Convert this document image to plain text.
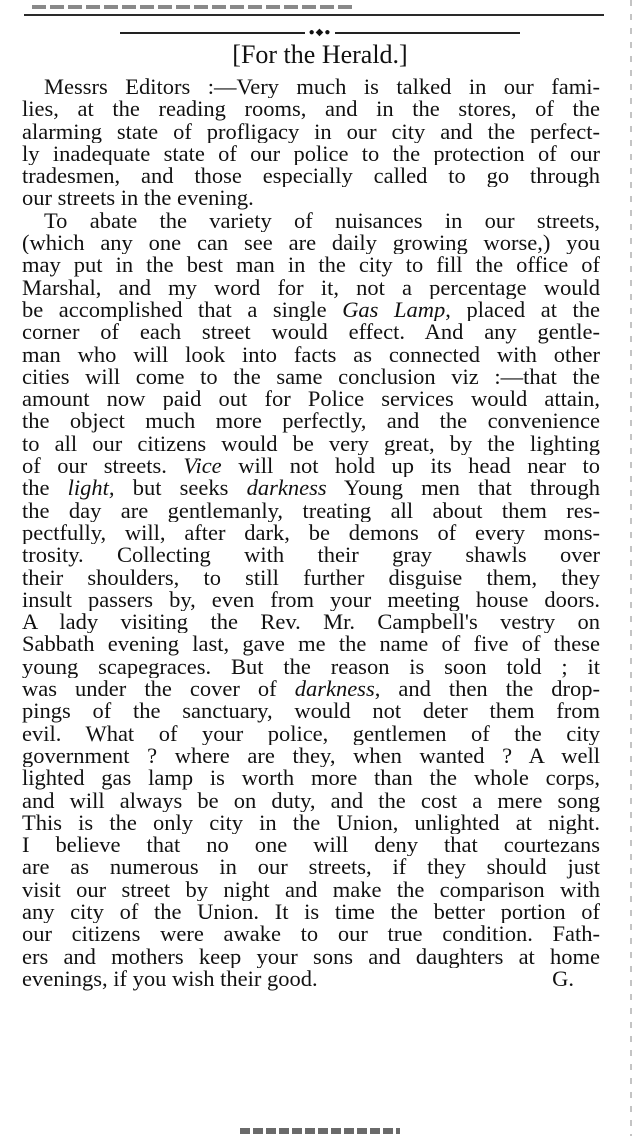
●◆●
[For the Herald.]
Messrs Editors :—Very much is talked in our fami-
lies, at the reading rooms, and in the stores, of the
alarming state of profligacy in our city and the perfect-
ly inadequate state of our police to the protection of our
tradesmen, and those especially called to go through
our streets in the evening.
To abate the variety of nuisances in our streets,
(which any one can see are daily growing worse,) you
may put in the best man in the city to fill the office of
Marshal, and my word for it, not a percentage would
be accomplished that a single Gas Lamp, placed at the
corner of each street would effect. And any gentle-
man who will look into facts as connected with other
cities will come to the same conclusion viz :—that the
amount now paid out for Police services would attain,
the object much more perfectly, and the convenience
to all our citizens would be very great, by the lighting
of our streets. Vice will not hold up its head near to
the light, but seeks darkness Young men that through
the day are gentlemanly, treating all about them res-
pectfully, will, after dark, be demons of every mons-
trosity. Collecting with their gray shawls over
their shoulders, to still further disguise them, they
insult passers by, even from your meeting house doors.
A lady visiting the Rev. Mr. Campbell's vestry on
Sabbath evening last, gave me the name of five of these
young scapegraces. But the reason is soon told ; it
was under the cover of darkness, and then the drop-
pings of the sanctuary, would not deter them from
evil. What of your police, gentlemen of the city
government ? where are they, when wanted ? A well
lighted gas lamp is worth more than the whole corps,
and will always be on duty, and the cost a mere song
This is the only city in the Union, unlighted at night.
I believe that no one will deny that courtezans
are as numerous in our streets, if they should just
visit our street by night and make the comparison with
any city of the Union. It is time the better portion of
our citizens were awake to our true condition. Fath-
ers and mothers keep your sons and daughters at home
evenings, if you wish their good.	G.
